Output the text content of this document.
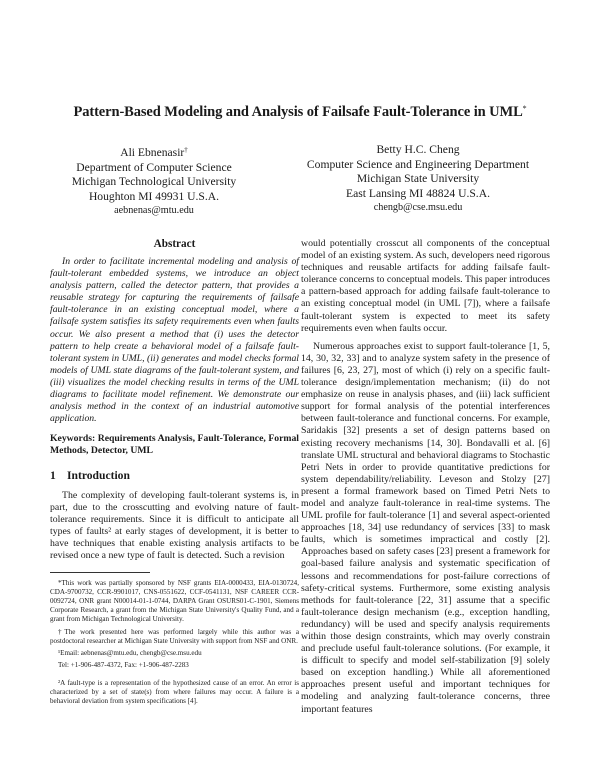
Pattern-Based Modeling and Analysis of Failsafe Fault-Tolerance in UML*
Ali Ebnenasir†
Department of Computer Science
Michigan Technological University
Houghton MI 49931 U.S.A.
aebnenas@mtu.edu
Betty H.C. Cheng
Computer Science and Engineering Department
Michigan State University
East Lansing MI 48824 U.S.A.
chengb@cse.msu.edu
Abstract

In order to facilitate incremental modeling and analysis of fault-tolerant embedded systems, we introduce an object analysis pattern, called the detector pattern, that provides a reusable strategy for capturing the requirements of failsafe fault-tolerance in an existing conceptual model, where a failsafe system satisfies its safety requirements even when faults occur. We also present a method that (i) uses the detector pattern to help create a behavioral model of a failsafe fault-tolerant system in UML, (ii) generates and model checks formal models of UML state diagrams of the fault-tolerant system, and (iii) visualizes the model checking results in terms of the UML diagrams to facilitate model refinement. We demonstrate our analysis method in the context of an industrial automotive application.

Keywords: Requirements Analysis, Fault-Tolerance, Formal Methods, Detector, UML

1 Introduction

The complexity of developing fault-tolerant systems is, in part, due to the crosscutting and evolving nature of fault-tolerance requirements. Since it is difficult to anticipate all types of faults² at early stages of development, it is better to have techniques that enable existing analysis artifacts to be revised once a new type of fault is detected. Such a revision

*This work was partially sponsored by NSF grants EIA-0000433, EIA-0130724, CDA-9700732, CCR-9901017, CNS-0551622, CCF-0541131, NSF CAREER CCR-0092724, ONR grant N00014-01-1-0744, DARPA Grant OSURS01-C-1901, Siemens Corporate Research, a grant from the Michigan State University's Quality Fund, and a grant from Michigan Technological University.

†The work presented here was performed largely while this author was a postdoctoral researcher at Michigan State University with support from NSF and ONR.

¹Email: aebnenas@mtu.edu, chengb@cse.msu.edu

Tel: +1-906-487-4372, Fax: +1-906-487-2283

²A fault-type is a representation of the hypothesized cause of an error. An error is characterized by a set of state(s) from where failures may occur. A failure is a behavioral deviation from system specifications [4].

would potentially crosscut all components of the conceptual model of an existing system. As such, developers need rigorous techniques and reusable artifacts for adding failsafe fault-tolerance concerns to conceptual models. This paper introduces a pattern-based approach for adding failsafe fault-tolerance to an existing conceptual model (in UML [7]), where a failsafe fault-tolerant system is expected to meet its safety requirements even when faults occur.

Numerous approaches exist to support fault-tolerance [1, 5, 14, 30, 32, 33] and to analyze system safety in the presence of failures [6, 23, 27], most of which (i) rely on a specific fault-tolerance design/implementation mechanism; (ii) do not emphasize on reuse in analysis phases, and (iii) lack sufficient support for formal analysis of the potential interferences between fault-tolerance and functional concerns. For example, Saridakis [32] presents a set of design patterns based on existing recovery mechanisms [14, 30]. Bondavalli et al. [6] translate UML structural and behavioral diagrams to Stochastic Petri Nets in order to provide quantitative predictions for system dependability/reliability. Leveson and Stolzy [27] present a formal framework based on Timed Petri Nets to model and analyze fault-tolerance in real-time systems. The UML profile for fault-tolerance [1] and several aspect-oriented approaches [18, 34] use redundancy of services [33] to mask faults, which is sometimes impractical and costly [2]. Approaches based on safety cases [23] present a framework for goal-based failure analysis and systematic specification of lessons and recommendations for post-failure corrections of safety-critical systems. Furthermore, some existing analysis methods for fault-tolerance [22, 31] assume that a specific fault-tolerance design mechanism (e.g., exception handling, redundancy) will be used and specify analysis requirements within those design constraints, which may overly constrain and preclude useful fault-tolerance solutions. (For example, it is difficult to specify and model self-stabilization [9] solely based on exception handling.) While all aforementioned approaches present useful and important techniques for modeling and analyzing fault-tolerance concerns, three important features
